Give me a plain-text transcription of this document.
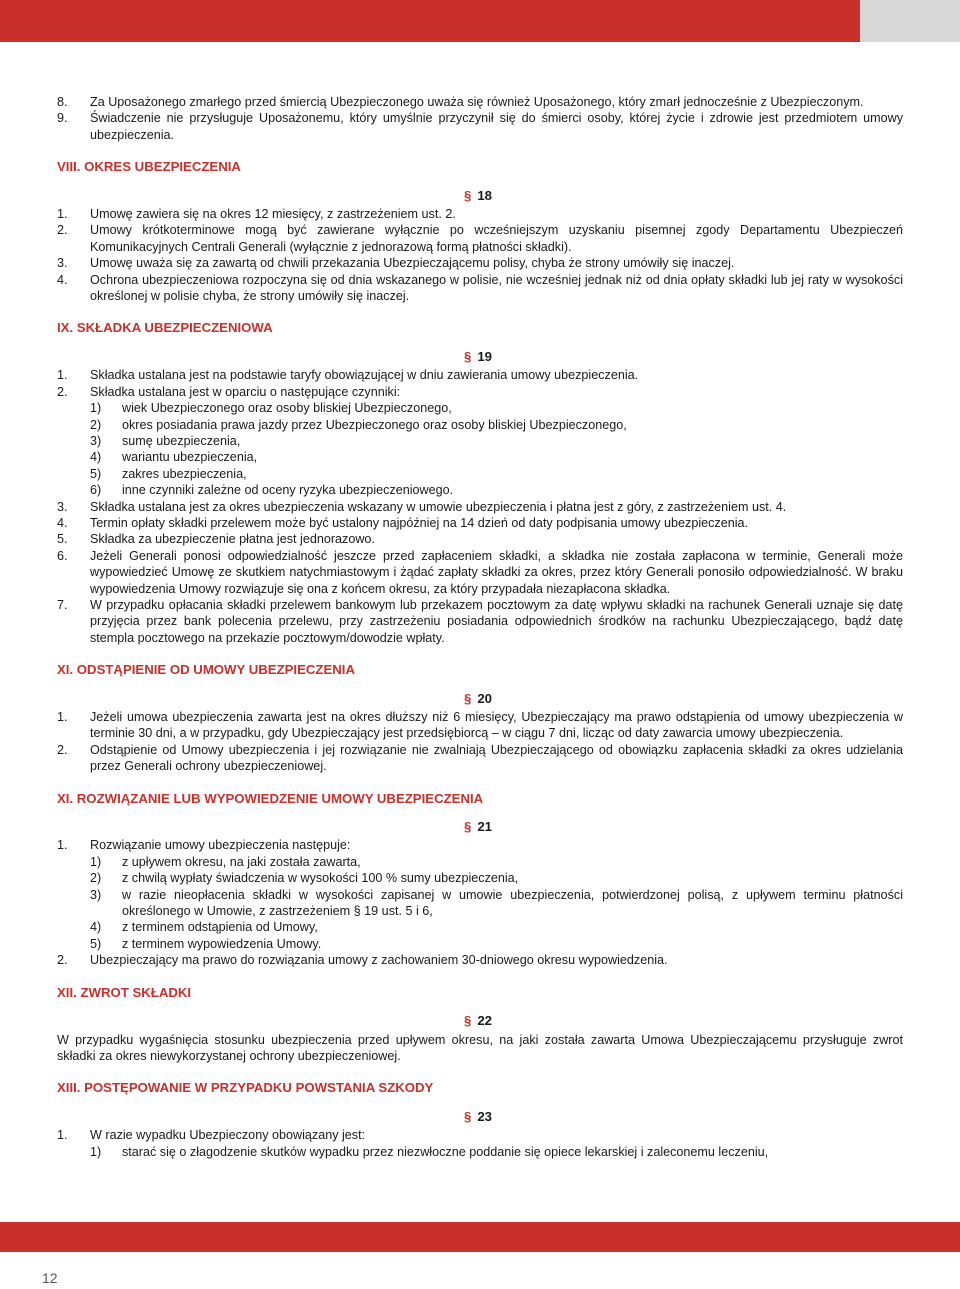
8.	Za Uposażonego zmarłego przed śmiercią Ubezpieczonego uważa się również Uposażonego, który zmarł jednocześnie z Ubezpieczonym.
9.	Świadczenie nie przysługuje Uposażonemu, który umyślnie przyczynił się do śmierci osoby, której życie i zdrowie jest przedmiotem umowy ubezpieczenia.
VIII. OKRES UBEZPIECZENIA
§ 18
1.	Umowę zawiera się na okres 12 miesięcy, z zastrzeżeniem ust. 2.
2.	Umowy krótkoterminowe mogą być zawierane wyłącznie po wcześniejszym uzyskaniu pisemnej zgody Departamentu Ubezpieczeń Komunikacyjnych Centrali Generali (wyłącznie z jednorazową formą płatności składki).
3.	Umowę uważa się za zawartą od chwili przekazania Ubezpieczającemu polisy, chyba że strony umówiły się inaczej.
4.	Ochrona ubezpieczeniowa rozpoczyna się od dnia wskazanego w polisie, nie wcześniej jednak niż od dnia opłaty składki lub jej raty w wysokości określonej w polisie chyba, że strony umówiły się inaczej.
IX. SKŁADKA UBEZPIECZENIOWA
§ 19
1.	Składka ustalana jest na podstawie taryfy obowiązującej w dniu zawierania umowy ubezpieczenia.
2.	Składka ustalana jest w oparciu o następujące czynniki:
1)	wiek Ubezpieczonego oraz osoby bliskiej Ubezpieczonego,
2)	okres posiadania prawa jazdy przez Ubezpieczonego oraz osoby bliskiej Ubezpieczonego,
3)	sumę ubezpieczenia,
4)	wariantu ubezpieczenia,
5)	zakres ubezpieczenia,
6)	inne czynniki zależne od oceny ryzyka ubezpieczeniowego.
3.	Składka ustalana jest za okres ubezpieczenia wskazany w umowie ubezpieczenia i płatna jest z góry, z zastrzeżeniem ust. 4.
4.	Termin opłaty składki przelewem może być ustalony najpóźniej na 14 dzień od daty podpisania umowy ubezpieczenia.
5.	Składka za ubezpieczenie płatna jest jednorazowo.
6.	Jeżeli Generali ponosi odpowiedzialność jeszcze przed zapłaceniem składki, a składka nie została zapłacona w terminie, Generali może wypowiedzieć Umowę ze skutkiem natychmiastowym i żądać zapłaty składki za okres, przez który Generali ponosiło odpowiedzialność. W braku wypowiedzenia Umowy rozwiązuje się ona z końcem okresu, za który przypadała niezapłacona składka.
7.	W przypadku opłacania składki przelewem bankowym lub przekazem pocztowym za datę wpływu składki na rachunek Generali uznaje się datę przyjęcia przez bank polecenia przelewu, przy zastrzeżeniu posiadania odpowiednich środków na rachunku Ubezpieczającego, bądź datę stempla pocztowego na przekazie pocztowym/dowodzie wpłaty.
XI. ODSTĄPIENIE OD UMOWY UBEZPIECZENIA
§ 20
1.	Jeżeli umowa ubezpieczenia zawarta jest na okres dłuższy niż 6 miesięcy, Ubezpieczający ma prawo odstąpienia od umowy ubezpieczenia w terminie 30 dni, a w przypadku, gdy Ubezpieczający jest przedsiębiorcą – w ciągu 7 dni, licząc od daty zawarcia umowy ubezpieczenia.
2.	Odstąpienie od Umowy ubezpieczenia i jej rozwiązanie nie zwalniają Ubezpieczającego od obowiązku zapłacenia składki za okres udzielania przez Generali ochrony ubezpieczeniowej.
XI. ROZWIĄZANIE LUB WYPOWIEDZENIE UMOWY UBEZPIECZENIA
§ 21
1.	Rozwiązanie umowy ubezpieczenia następuje:
1)	z upływem okresu, na jaki została zawarta,
2)	z chwilą wypłaty świadczenia w wysokości 100 % sumy ubezpieczenia,
3)	w razie nieopłacenia składki w wysokości zapisanej w umowie ubezpieczenia, potwierdzonej polisą, z upływem terminu płatności określonego w Umowie, z zastrzeżeniem § 19 ust. 5 i 6,
4)	z terminem odstąpienia od Umowy,
5)	z terminem wypowiedzenia Umowy.
2.	Ubezpieczający ma prawo do rozwiązania umowy z zachowaniem 30-dniowego okresu wypowiedzenia.
XII. ZWROT SKŁADKI
§ 22
W przypadku wygaśnięcia stosunku ubezpieczenia przed upływem okresu, na jaki została zawarta Umowa Ubezpieczającemu przysługuje zwrot składki za okres niewykorzystanej ochrony ubezpieczeniowej.
XIII. POSTĘPOWANIE W PRZYPADKU POWSTANIA SZKODY
§ 23
1.	W razie wypadku Ubezpieczony obowiązany jest:
1)	starać się o złagodzenie skutków wypadku przez niezwłoczne poddanie się opiece lekarskiej i zaleconemu leczeniu,
12
